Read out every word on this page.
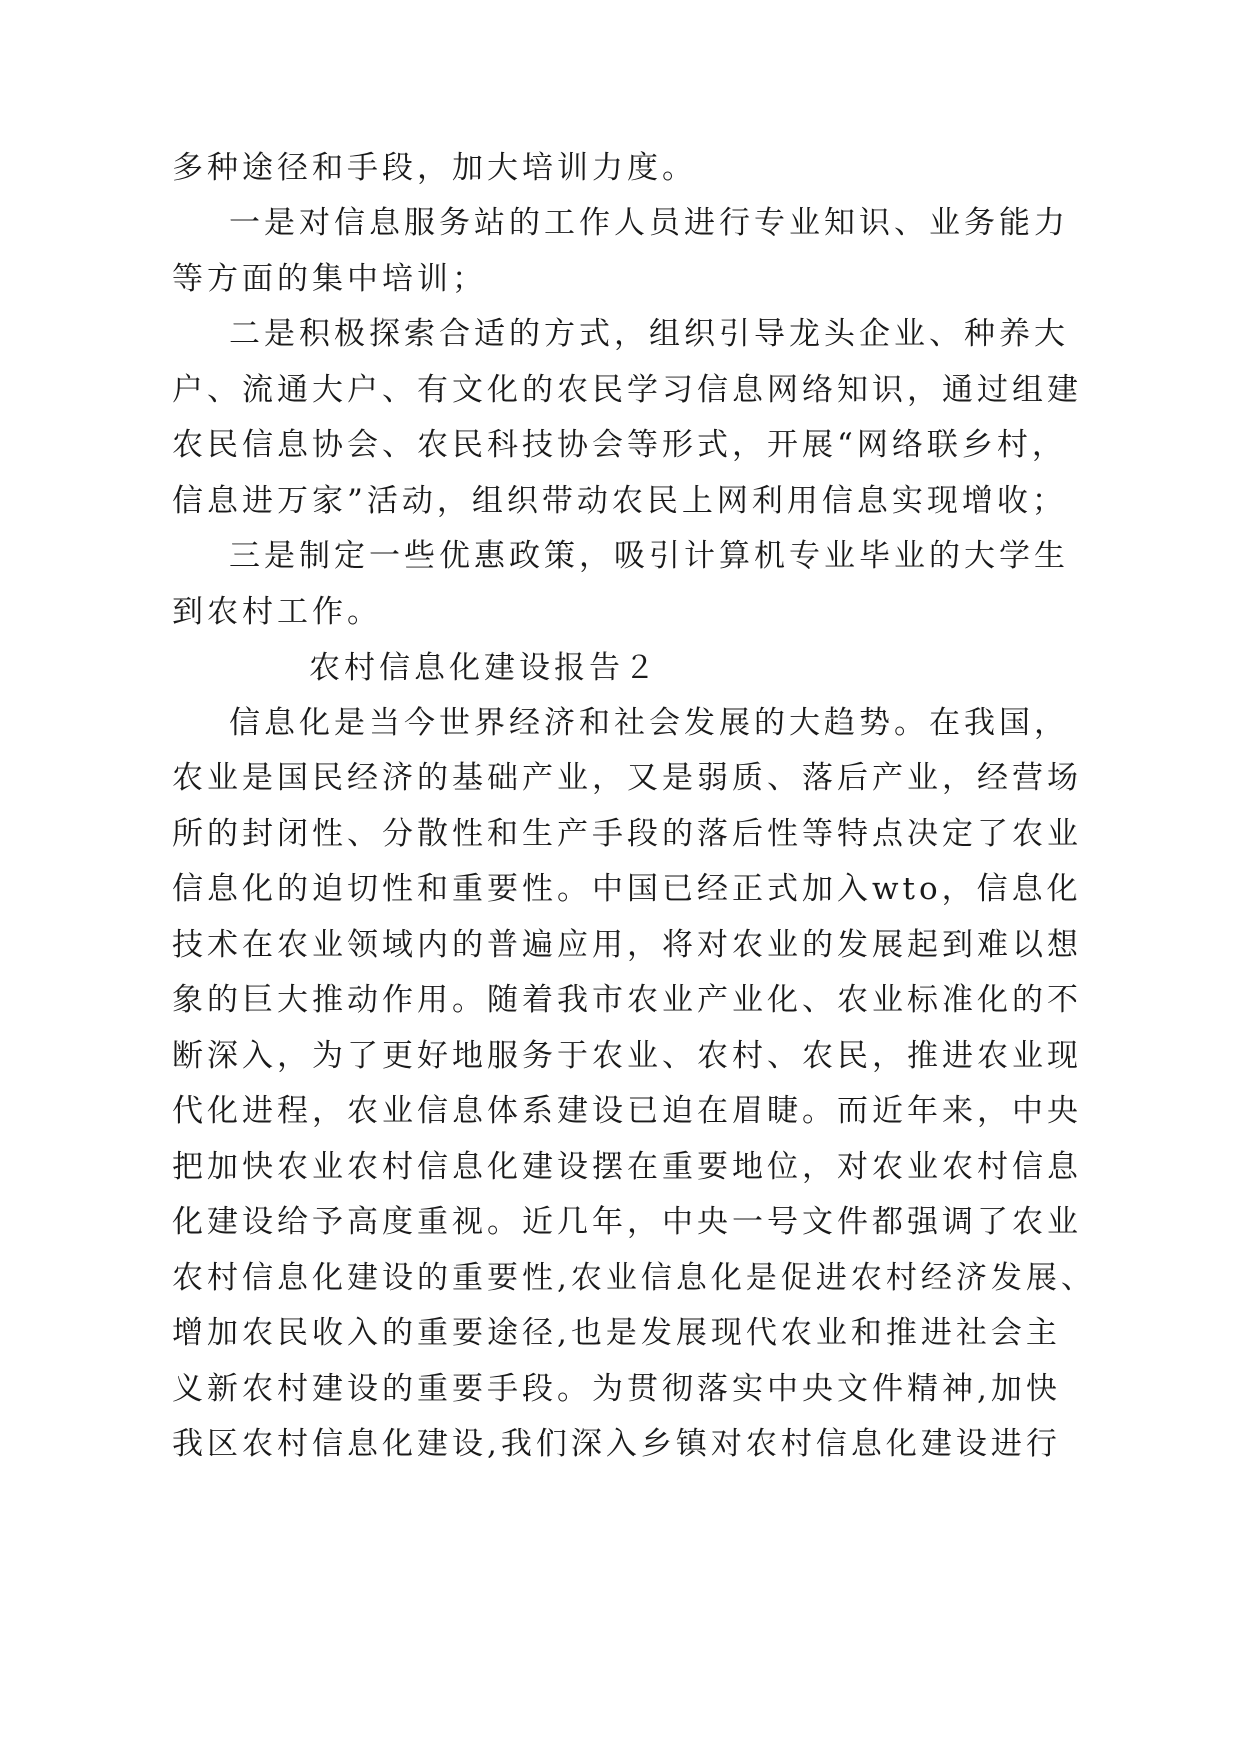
多种途径和手段，加大培训力度。
一是对信息服务站的工作人员进行专业知识、业务能力
等方面的集中培训；
二是积极探索合适的方式，组织引导龙头企业、种养大
户、流通大户、有文化的农民学习信息网络知识，通过组建
农民信息协会、农民科技协会等形式，开展“网络联乡村，
信息进万家”活动，组织带动农民上网利用信息实现增收；
三是制定一些优惠政策，吸引计算机专业毕业的大学生
到农村工作。
农村信息化建设报告２
信息化是当今世界经济和社会发展的大趋势。在我国，
农业是国民经济的基础产业，又是弱质、落后产业，经营场
所的封闭性、分散性和生产手段的落后性等特点决定了农业
信息化的迫切性和重要性。中国已经正式加入wto，信息化
技术在农业领域内的普遍应用，将对农业的发展起到难以想
象的巨大推动作用。随着我市农业产业化、农业标准化的不
断深入，为了更好地服务于农业、农村、农民，推进农业现
代化进程，农业信息体系建设已迫在眉睫。而近年来，中央
把加快农业农村信息化建设摆在重要地位，对农业农村信息
化建设给予高度重视。近几年，中央一号文件都强调了农业
农村信息化建设的重要性,农业信息化是促进农村经济发展、
增加农民收入的重要途径,也是发展现代农业和推进社会主
义新农村建设的重要手段。为贯彻落实中央文件精神,加快
我区农村信息化建设,我们深入乡镇对农村信息化建设进行
